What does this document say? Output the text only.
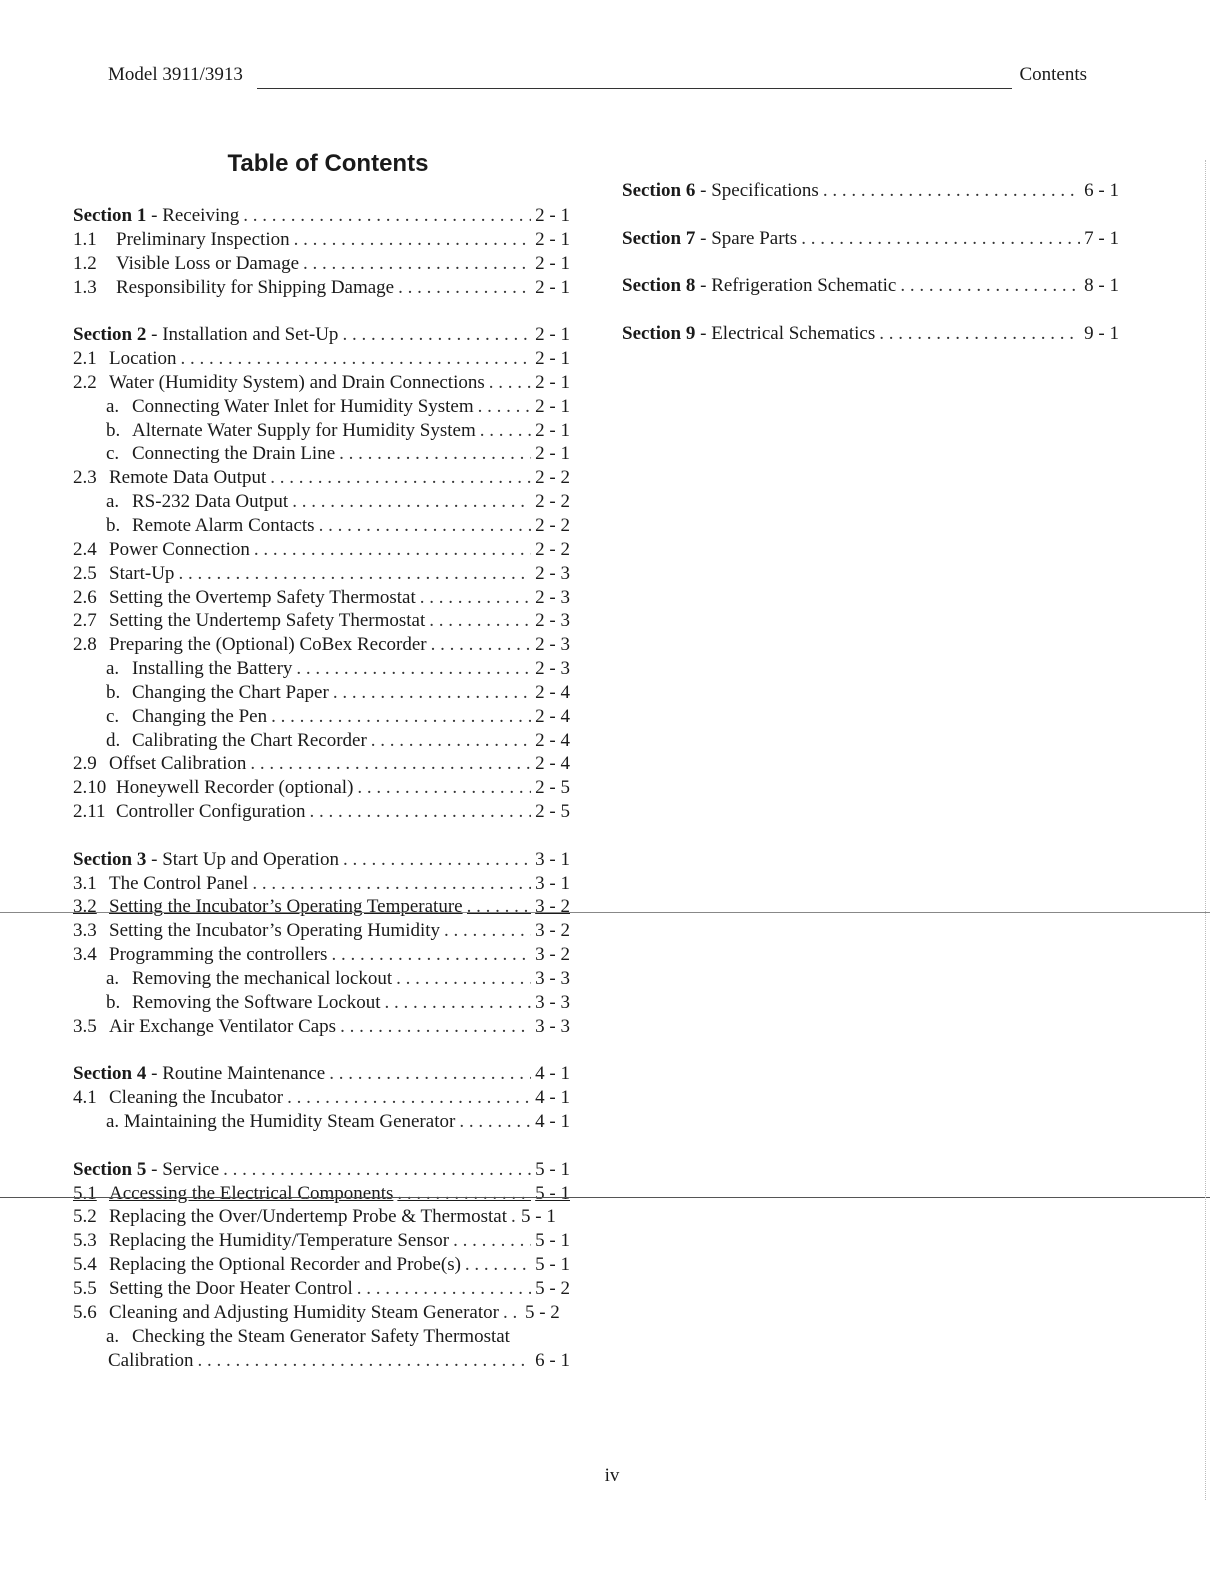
Model 3911/3913	Contents
Table of Contents
Section 1 - Receiving . . .	2 - 1
1.1	Preliminary Inspection . . .	2 - 1
1.2	Visible Loss or Damage . . .	2 - 1
1.3	Responsibility for Shipping Damage . . .	2 - 1
Section 2 - Installation and Set-Up . . .	2 - 1
2.1 Location . . .	2 - 1
2.2 Water (Humidity System) and Drain Connections . . .	2 - 1
a. Connecting Water Inlet for Humidity System . . .	2 - 1
b. Alternate Water Supply for Humidity System . . .	2 - 1
c. Connecting the Drain Line . . .	2 - 1
2.3 Remote Data Output . . .	2 - 2
a. RS-232 Data Output . . .	2 - 2
b. Remote Alarm Contacts . . .	2 - 2
2.4 Power Connection . . .	2 - 2
2.5 Start-Up . . .	2 - 3
2.6 Setting the Overtemp Safety Thermostat . . .	2 - 3
2.7 Setting the Undertemp Safety Thermostat . . .	2 - 3
2.8 Preparing the (Optional) CoBex Recorder . . .	2 - 3
a. Installing the Battery . . .	2 - 3
b. Changing the Chart Paper . . .	2 - 4
c. Changing the Pen . . .	2 - 4
d. Calibrating the Chart Recorder . . .	2 - 4
2.9 Offset Calibration . . .	2 - 4
2.10 Honeywell Recorder (optional) . . .	2 - 5
2.11 Controller Configuration . . .	2 - 5
Section 3 - Start Up and Operation . . .	3 - 1
3.1 The Control Panel . . .	3 - 1
3.2 Setting the Incubator’s Operating Temperature . . .	3 - 2
3.3 Setting the Incubator’s Operating Humidity . . .	3 - 2
3.4 Programming the controllers . . .	3 - 2
a. Removing the mechanical lockout . . .	3 - 3
b. Removing the Software Lockout . . .	3 - 3
3.5 Air Exchange Ventilator Caps . . .	3 - 3
Section 4 - Routine Maintenance . . .	4 - 1
4.1 Cleaning the Incubator . . .	4 - 1
a. Maintaining the Humidity Steam Generator . . .	4 - 1
Section 5 - Service . . .	5 - 1
5.1 Accessing the Electrical Components . . .	5 - 1
5.2 Replacing the Over/Undertemp Probe & Thermostat . . . 5 - 1
5.3 Replacing the Humidity/Temperature Sensor . . .	5 - 1
5.4 Replacing the Optional Recorder and Probe(s) . . .	5 - 1
5.5 Setting the Door Heater Control . . .	5 - 2
5.6 Cleaning and Adjusting Humidity Steam Generator . . . 5 - 2
a. Checking the Steam Generator Safety Thermostat
Calibration . . .	6 - 1
Section 6 - Specifications . . .	6 - 1
Section 7 - Spare Parts . . .	7 - 1
Section 8 - Refrigeration Schematic . . .	8 - 1
Section 9 - Electrical Schematics . . .	9 - 1
iv
